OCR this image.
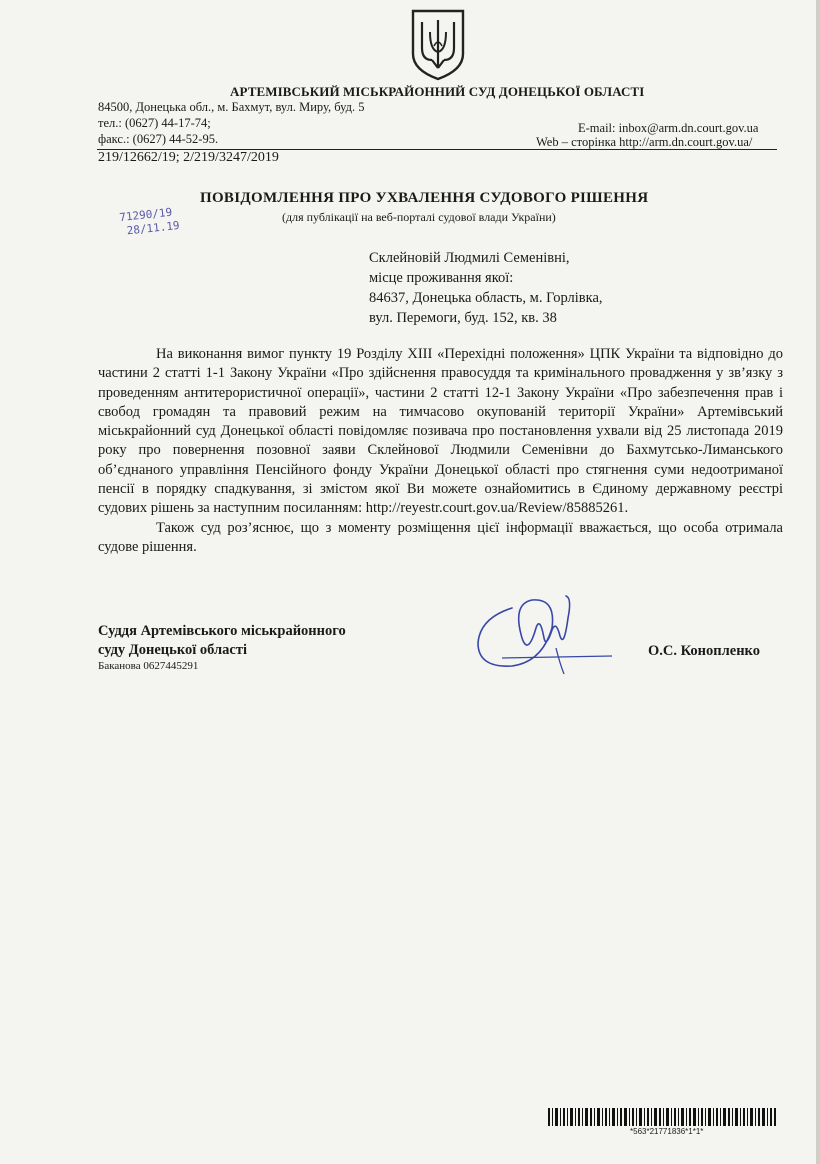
АРТЕМІВСЬКИЙ МІСЬКРАЙОННИЙ СУД ДОНЕЦЬКОЇ ОБЛАСТІ
84500, Донецька обл., м. Бахмут, вул. Миру, буд. 5
тел.: (0627) 44-17-74;
факс.: (0627) 44-52-95.
E-mail: inbox@arm.dn.court.gov.ua
Web – сторінка http://arm.dn.court.gov.ua/
219/12662/19; 2/219/3247/2019
ПОВІДОМЛЕННЯ ПРО УХВАЛЕННЯ СУДОВОГО РІШЕННЯ
(для публікації на веб-порталі судової влади України)
71290/19
28/11.19
Склейновій Людмилі Семенівні,
місце проживання якої:
84637, Донецька область, м. Горлівка,
вул. Перемоги, буд. 152, кв. 38

На виконання вимог пункту 19 Розділу XIII «Перехідні положення» ЦПК України та відповідно до частини 2 статті 1-1 Закону України «Про здійснення правосуддя та кримінального провадження у зв’язку з проведенням антитерористичної операції», частини 2 статті 12-1 Закону України «Про забезпечення прав і свобод громадян та правовий режим на тимчасово окупованій території України» Артемівський міськрайонний суд Донецької області повідомляє позивача про постановлення ухвали від 25 листопада 2019 року про повернення позовної заяви Склейнової Людмили Семенівни до Бахмутсько-Лиманського об’єднаного управління Пенсійного фонду України Донецької області про стягнення суми недоотриманої пенсії в порядку спадкування, зі змістом якої Ви можете ознайомитись в Єдиному державному реєстрі судових рішень за наступним посиланням: http://reyestr.court.gov.ua/Review/85885261.

Також суд роз’яснює, що з моменту розміщення цієї інформації вважається, що особа отримала судове рішення.

Суддя Артемівського міськрайонного
суду Донецької області
Баканова 0627445291
О.С. Конопленко
*563*21771836*1*1*
